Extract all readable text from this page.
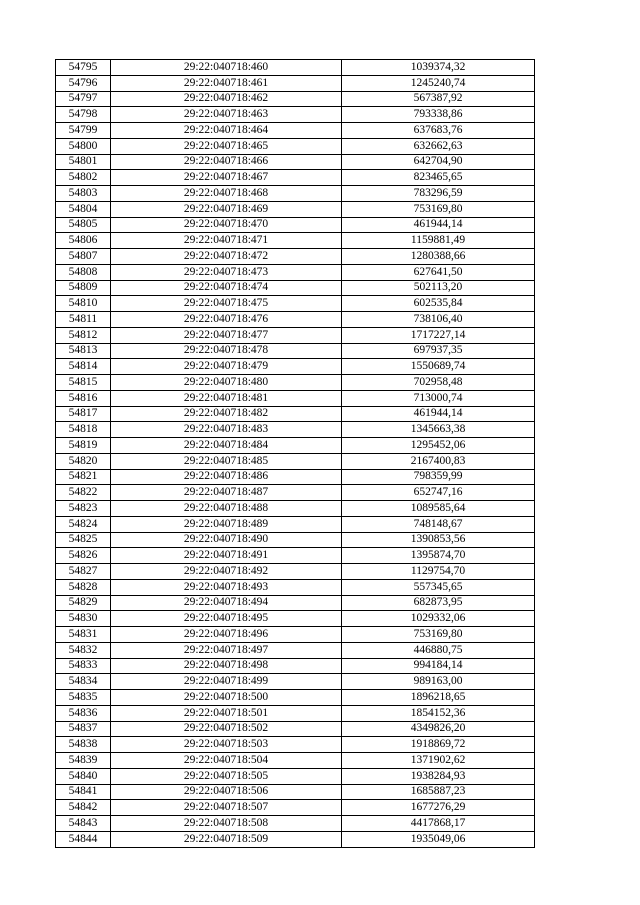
54795	29:22:040718:460	1039374,32
54796	29:22:040718:461	1245240,74
54797	29:22:040718:462	567387,92
54798	29:22:040718:463	793338,86
54799	29:22:040718:464	637683,76
54800	29:22:040718:465	632662,63
54801	29:22:040718:466	642704,90
54802	29:22:040718:467	823465,65
54803	29:22:040718:468	783296,59
54804	29:22:040718:469	753169,80
54805	29:22:040718:470	461944,14
54806	29:22:040718:471	1159881,49
54807	29:22:040718:472	1280388,66
54808	29:22:040718:473	627641,50
54809	29:22:040718:474	502113,20
54810	29:22:040718:475	602535,84
54811	29:22:040718:476	738106,40
54812	29:22:040718:477	1717227,14
54813	29:22:040718:478	697937,35
54814	29:22:040718:479	1550689,74
54815	29:22:040718:480	702958,48
54816	29:22:040718:481	713000,74
54817	29:22:040718:482	461944,14
54818	29:22:040718:483	1345663,38
54819	29:22:040718:484	1295452,06
54820	29:22:040718:485	2167400,83
54821	29:22:040718:486	798359,99
54822	29:22:040718:487	652747,16
54823	29:22:040718:488	1089585,64
54824	29:22:040718:489	748148,67
54825	29:22:040718:490	1390853,56
54826	29:22:040718:491	1395874,70
54827	29:22:040718:492	1129754,70
54828	29:22:040718:493	557345,65
54829	29:22:040718:494	682873,95
54830	29:22:040718:495	1029332,06
54831	29:22:040718:496	753169,80
54832	29:22:040718:497	446880,75
54833	29:22:040718:498	994184,14
54834	29:22:040718:499	989163,00
54835	29:22:040718:500	1896218,65
54836	29:22:040718:501	1854152,36
54837	29:22:040718:502	4349826,20
54838	29:22:040718:503	1918869,72
54839	29:22:040718:504	1371902,62
54840	29:22:040718:505	1938284,93
54841	29:22:040718:506	1685887,23
54842	29:22:040718:507	1677276,29
54843	29:22:040718:508	4417868,17
54844	29:22:040718:509	1935049,06
